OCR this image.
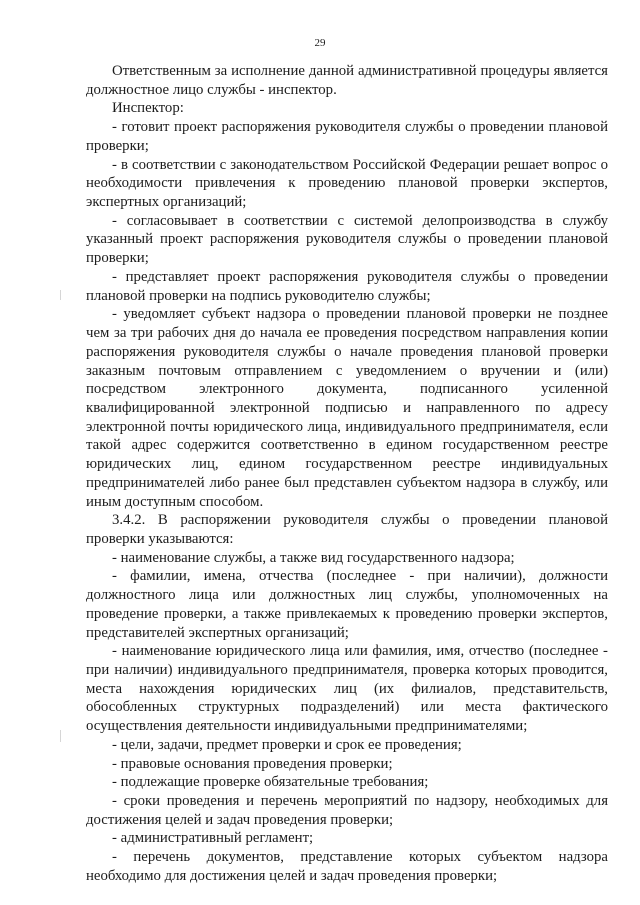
29

Ответственным за исполнение данной административной процедуры является должностное лицо службы - инспектор.

Инспектор:

- готовит проект распоряжения руководителя службы о проведении плановой проверки;

- в соответствии с законодательством Российской Федерации решает вопрос о необходимости привлечения к проведению плановой проверки экспертов, экспертных организаций;

- согласовывает в соответствии с системой делопроизводства в службу указанный проект распоряжения руководителя службы о проведении плановой проверки;

- представляет проект распоряжения руководителя службы о проведении плановой проверки на подпись руководителю службы;

- уведомляет субъект надзора о проведении плановой проверки не позднее чем за три рабочих дня до начала ее проведения посредством направления копии распоряжения руководителя службы о начале проведения плановой проверки заказным почтовым отправлением с уведомлением о вручении и (или) посредством электронного документа, подписанного усиленной квалифицированной электронной подписью и направленного по адресу электронной почты юридического лица, индивидуального предпринимателя, если такой адрес содержится соответственно в едином государственном реестре юридических лиц, едином государственном реестре индивидуальных предпринимателей либо ранее был представлен субъектом надзора в службу, или иным доступным способом.

3.4.2. В распоряжении руководителя службы о проведении плановой проверки указываются:

- наименование службы, а также вид государственного надзора;

- фамилии, имена, отчества (последнее - при наличии), должности должностного лица или должностных лиц службы, уполномоченных на проведение проверки, а также привлекаемых к проведению проверки экспертов, представителей экспертных организаций;

- наименование юридического лица или фамилия, имя, отчество (последнее - при наличии) индивидуального предпринимателя, проверка которых проводится, места нахождения юридических лиц (их филиалов, представительств, обособленных структурных подразделений) или места фактического осуществления деятельности индивидуальными предпринимателями;

- цели, задачи, предмет проверки и срок ее проведения;

- правовые основания проведения проверки;

- подлежащие проверке обязательные требования;

- сроки проведения и перечень мероприятий по надзору, необходимых для достижения целей и задач проведения проверки;

- административный регламент;

- перечень документов, представление которых субъектом надзора необходимо для достижения целей и задач проведения проверки;
